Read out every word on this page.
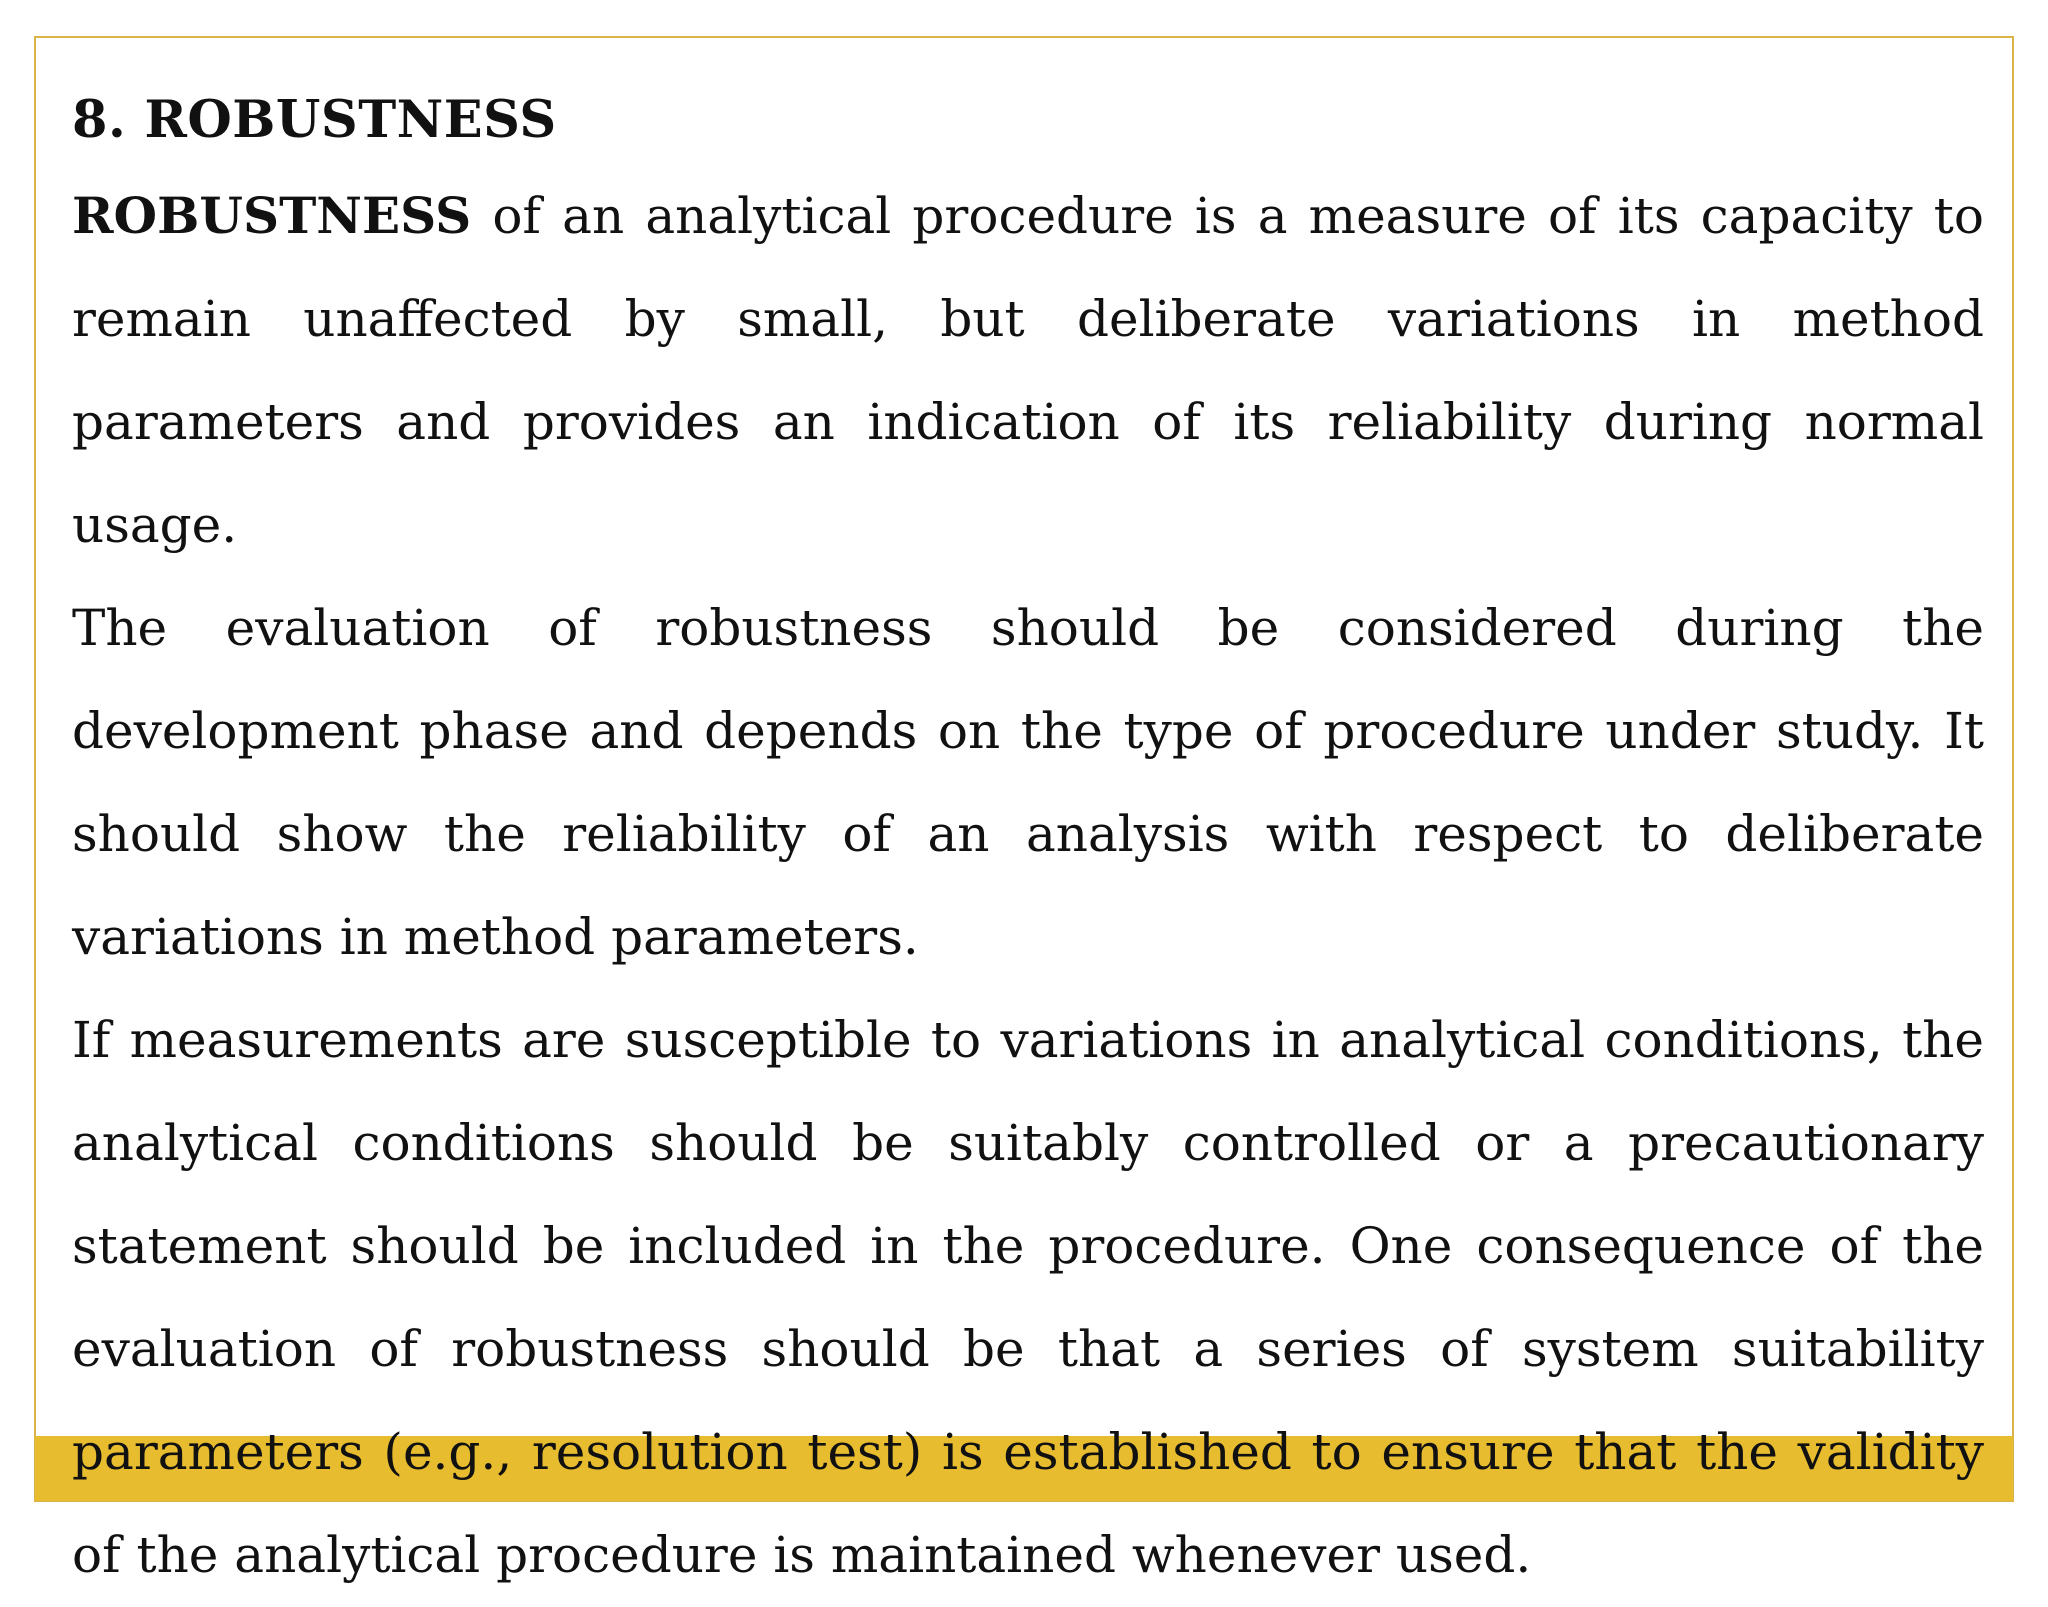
8. ROBUSTNESS

ROBUSTNESS of an analytical procedure is a measure of its capacity to remain unaffected by small, but deliberate variations in method parameters and provides an indication of its reliability during normal usage.

The evaluation of robustness should be considered during the development phase and depends on the type of procedure under study. It should show the reliability of an analysis with respect to deliberate variations in method parameters.

If measurements are susceptible to variations in analytical conditions, the analytical conditions should be suitably controlled or a precautionary statement should be included in the procedure. One consequence of the evaluation of robustness should be that a series of system suitability parameters (e.g., resolution test) is established to ensure that the validity of the analytical procedure is maintained whenever used.
